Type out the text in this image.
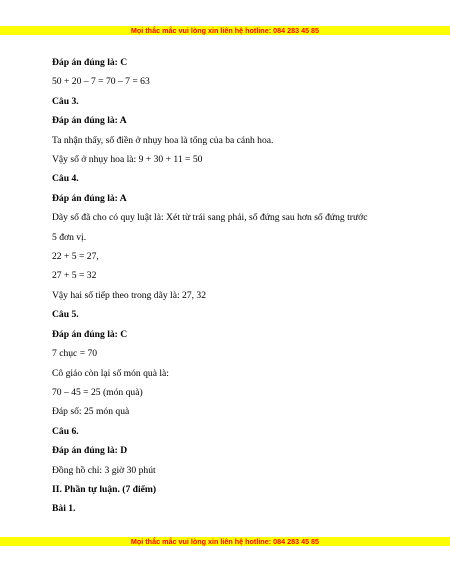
Mọi thắc mắc vui lòng xin liên hệ hotline: 084 283 45 85
Đáp án đúng là: C
50 + 20 – 7 = 70 – 7 = 63
Câu 3.
Đáp án đúng là: A
Ta nhận thấy, số điền ở nhụy hoa là tổng của ba cánh hoa.
Vậy số ở nhụy hoa là: 9 + 30 + 11 = 50
Câu 4.
Đáp án đúng là: A
Dãy số đã cho có quy luật là: Xét từ trái sang phải, số đứng sau hơn số đứng trước
5 đơn vị.
22 + 5 = 27,
27 + 5 = 32
Vậy hai số tiếp theo trong dãy là: 27, 32
Câu 5.
Đáp án đúng là: C
7 chục = 70
Cô giáo còn lại số món quà là:
70 – 45 = 25 (món quà)
Đáp số: 25 món quà
Câu 6.
Đáp án đúng là: D
Đồng hồ chỉ: 3 giờ 30 phút
II. Phần tự luận. (7 điểm)
Bài 1.
Mọi thắc mắc vui lòng xin liên hệ hotline: 084 283 45 85
